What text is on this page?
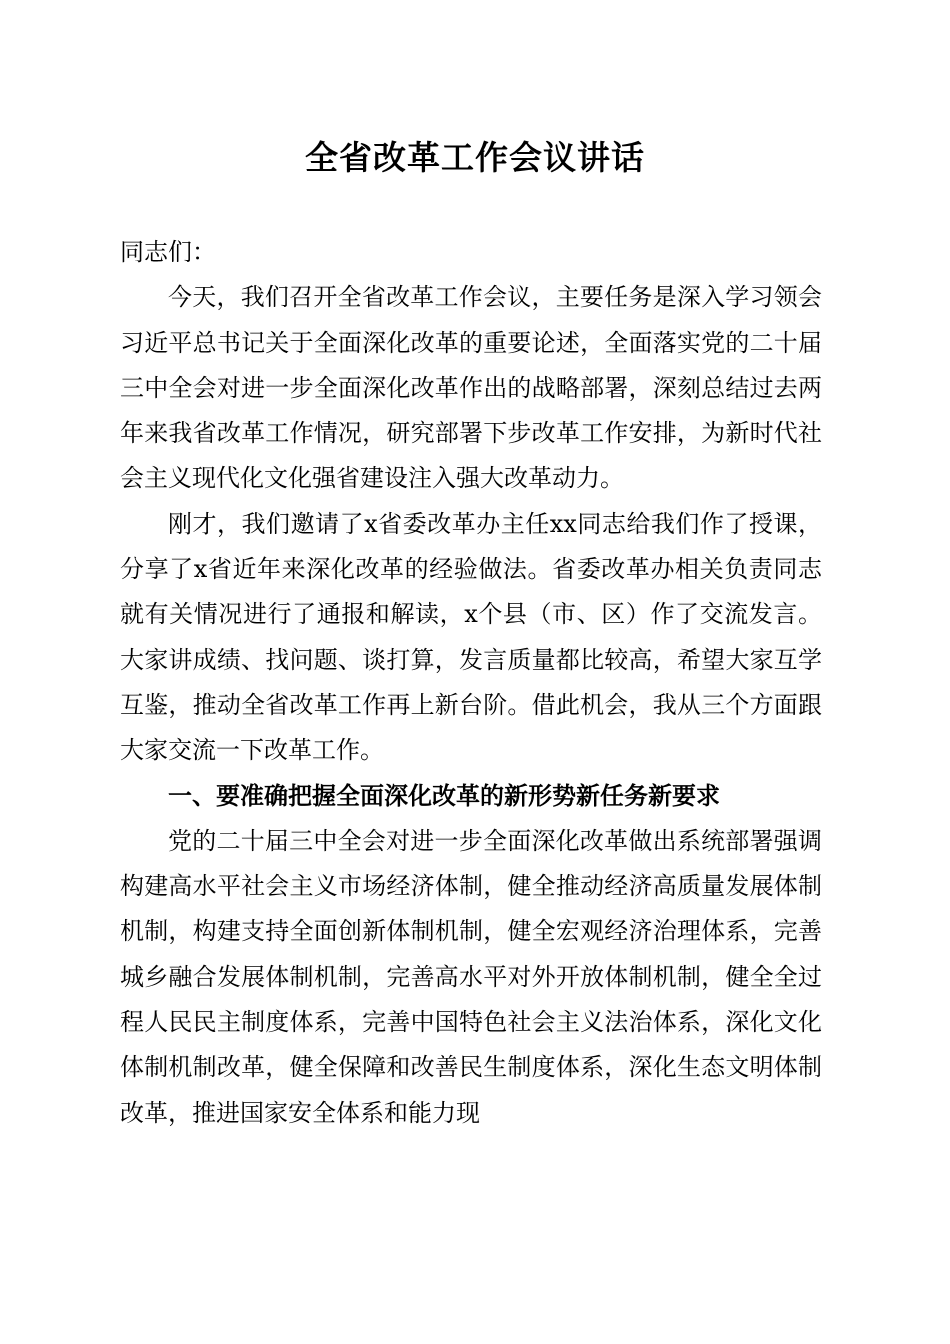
全省改革工作会议讲话

同志们：

今天，我们召开全省改革工作会议，主要任务是深入学习领会习近平总书记关于全面深化改革的重要论述，全面落实党的二十届三中全会对进一步全面深化改革作出的战略部署，深刻总结过去两年来我省改革工作情况，研究部署下步改革工作安排，为新时代社会主义现代化文化强省建设注入强大改革动力。

刚才，我们邀请了x省委改革办主任xx同志给我们作了授课，分享了x省近年来深化改革的经验做法。省委改革办相关负责同志就有关情况进行了通报和解读，x个县（市、区）作了交流发言。大家讲成绩、找问题、谈打算，发言质量都比较高，希望大家互学互鉴，推动全省改革工作再上新台阶。借此机会，我从三个方面跟大家交流一下改革工作。

一、要准确把握全面深化改革的新形势新任务新要求

党的二十届三中全会对进一步全面深化改革做出系统部署强调构建高水平社会主义市场经济体制，健全推动经济高质量发展体制机制，构建支持全面创新体制机制，健全宏观经济治理体系，完善城乡融合发展体制机制，完善高水平对外开放体制机制，健全全过程人民民主制度体系，完善中国特色社会主义法治体系，深化文化体制机制改革，健全保障和改善民生制度体系，深化生态文明体制改革，推进国家安全体系和能力现
